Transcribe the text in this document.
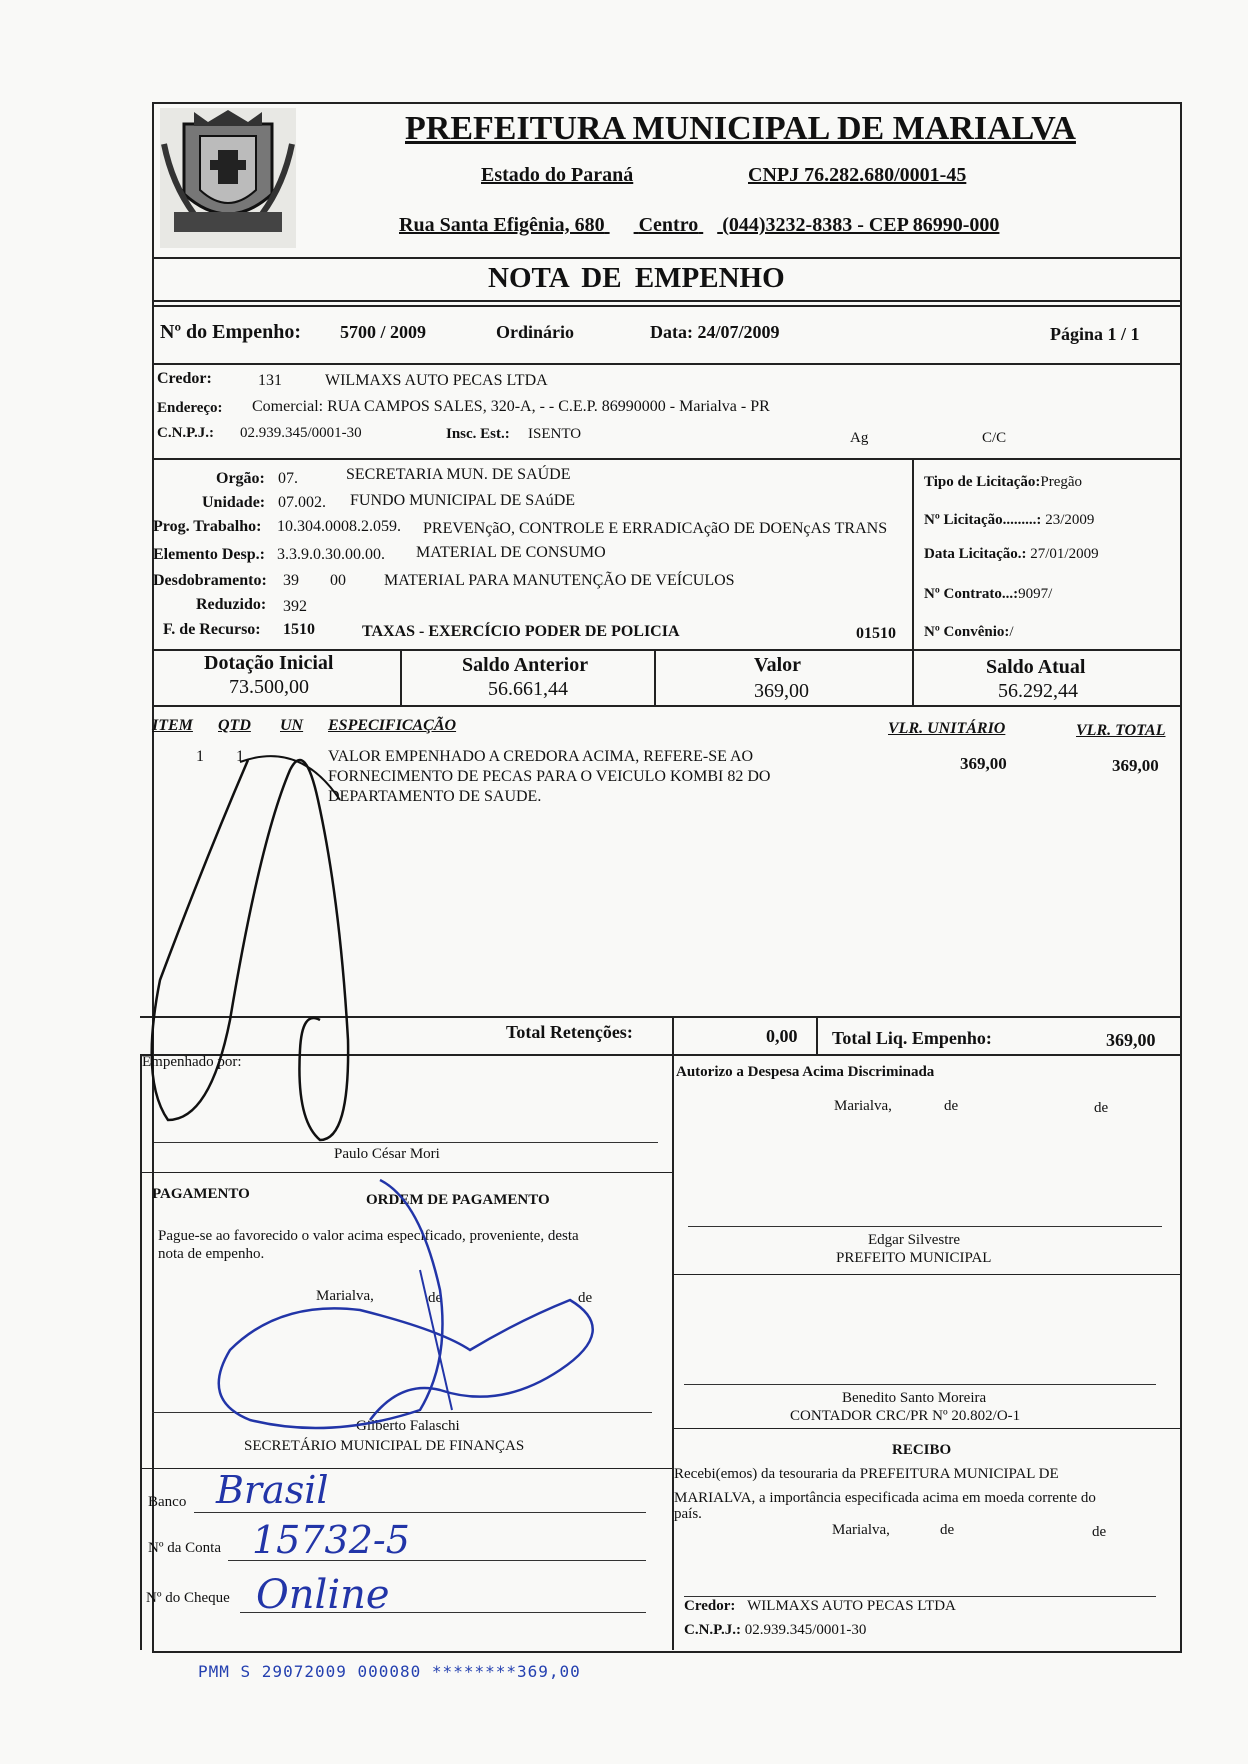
PREFEITURA MUNICIPAL DE MARIALVA
Estado do Paraná	CNPJ 76.282.680/0001-45
Rua Santa Efigênia, 680 Centro (044)3232-8383 - CEP 86990-000
NOTA DE EMPENHO
Nº do Empenho: 5700 / 2009	Ordinário	Data: 24/07/2009	Página 1 / 1
Credor:	131	WILMAXS AUTO PECAS LTDA
Endereço: Comercial: RUA CAMPOS SALES, 320-A, - - C.E.P. 86990000 - Marialva - PR
C.N.P.J.: 02.939.345/0001-30	Insc. Est.: ISENTO	Ag	C/C
Orgão: 07.	SECRETARIA MUN. DE SAÚDE
Unidade: 07.002. FUNDO MUNICIPAL DE SAúDE
Prog. Trabalho: 10.304.0008.2.059. PREVENçãO, CONTROLE E ERRADICAçãO DE DOENçAS TRANS
Elemento Desp.: 3.3.9.0.30.00.00. MATERIAL DE CONSUMO
Desdobramento: 39 00 MATERIAL PARA MANUTENÇÃO DE VEÍCULOS
Reduzido: 392
F. de Recurso: 1510	TAXAS - EXERCÍCIO PODER DE POLICIA	01510
Tipo de Licitação:Pregão
Nº Licitação.........: 23/2009
Data Licitação.: 27/01/2009
Nº Contrato...:9097/
Nº Convênio:/
Dotação Inicial
73.500,00
Saldo Anterior
56.661,44
Valor
369,00
Saldo Atual
56.292,44
ITEM QTD UN ESPECIFICAÇÃO	VLR. UNITÁRIO	VLR. TOTAL
1 1	VALOR EMPENHADO A CREDORA ACIMA, REFERE-SE AO
FORNECIMENTO DE PECAS PARA O VEICULO KOMBI 82 DO
DEPARTAMENTO DE SAUDE.
369,00	369,00
Total Retenções:	0,00 Total Liq. Empenho:	369,00
Empenhado por:
Paulo César Mori
Autorizo a Despesa Acima Discriminada
Marialva,	de	de
Edgar Silvestre
PREFEITO MUNICIPAL
PAGAMENTO	ORDEM DE PAGAMENTO
Pague-se ao favorecido o valor acima especificado, proveniente, desta
nota de empenho.
Marialva,	de	de
Gilberto Falaschi
SECRETÁRIO MUNICIPAL DE FINANÇAS
Benedito Santo Moreira
CONTADOR CRC/PR Nº 20.802/O-1
Banco Brasil
Nº da Conta 15732-5
Nº do Cheque Online
RECIBO
Recebi(emos) da tesouraria da PREFEITURA MUNICIPAL DE
MARIALVA, a importância especificada acima em moeda corrente do
país.
Marialva,	de	de
Credor: WILMAXS AUTO PECAS LTDA
C.N.P.J.: 02.939.345/0001-30
PMM S 29072009 000080 ********369,00
